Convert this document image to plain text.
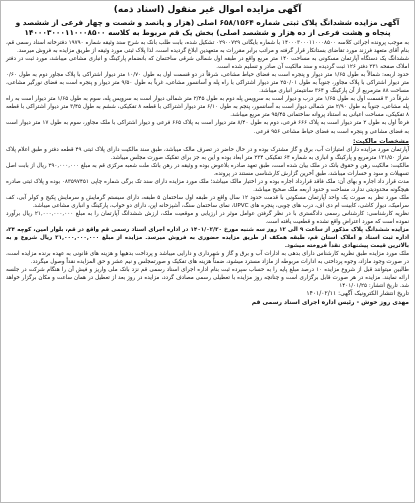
آگهی مزایده اموال غیر منقول (اسناد ذمه)
آگهی مزایده ششدانگ پلاک ثبتی شماره ۶۵۸/۱۵۶۴ اصلی (هزار و پانصد و شصت و چهار فرعی از ششصد و پنجاه و هشت فرعی از ده هزار و ششصد اصلی) بخش یک قم مربوط به کلاسه ۱۴۰۰۰۳۰۰۰۱۱۰۰۰۸۵۰۰

به موجب پرونده اجرائی کلاسه ۱۴۰۰۰۳۰۰۰۱۱۰۰۰۸۵۰۰ با شماره بایگانی ۰۲۹۰۰۷۲۹ تشکیل شده، بابت طلب بانک به شرح سند وثیقه شماره ۱۹۷۹۰ دفترخانه اسناد رسمی قم، بنام آقای متعهد فرزند مورد تقاضای بستانکار قرار گرفته و مراتب برابر مقررات به متعهدین ابلاغ گردیده است، لذا پلاک ثبتی مورد وثیقه از طریق مزایده به فروش میرسد.

ششدانگ یک دستگاه آپارتمان مسکونی به مساحت ۱۴۰ متر مربع واقع در طبقه اول شمالی شرقی ساختمان که بانضمام پارکینگ و انباری مشاعی میباشد، مورد ثبت در دفتر املاک صفحه ۲۳۱ دفتر ۱۲۶ ثبت گردیده و سند مالکیت آن صادر و تسلیم شده است.

حدود اربعه: شمالاً به طول ۱/۶۵ متر دیوار و پنجره است به فضای حیاط مشاعی، شرقاً در دو قسمت اول به طول ۱۰/۷۰ متر دیوار اشتراکی با پلاک مجاور دوم به طول ۰/۶۰ متر دیوار اشتراکی با پلاک مجاور، جنوباً به طول ۲۵۰/۰۱ متر دیوار اشتراکی با راه پله و آسانسور مشاعی، غرباً به طول ۹/۵۰ متر دیوار و پنجره است به فضای نورگیر مشاعی، مساحت ۸۸ مترمربع از آن پارکینگ و ۳۶۴ سانتیمتر انباری میباشد.

شرقاً در ۳ قسمت اول به طول ۱/۶۵ متر درب و دیوار است به سرویس پله دوم به طول ۲/۴۵ متر شمالی دیوار است به سرویس پله، سوم به طول ۱/۶۵ متر دیوار است به راه پله مشاعی، جنوباً به طول ۲/۹۰ متر شمالی دیوار است به آسانسور، پنجم به طول ۶/۱۰ متر دیوار اشتراکی با قطعه ۸ تفکیکی، ششم به طول ۳/۴۵ متر دیوار اشتراکی با قطعه ۸ تفکیکی، مساحت اعیانی به استناد پروانه ساختمانی ۹۵/۴۵ متر مربع میباشد.

فرعاً اول به طول ۲ متر دیوار است به پلاک ۶۶۶ فرعی، دوم به طول ۸/۴۰ متر دیوار است به پلاک ۶۶۵ فرعی و دیوار اشتراکی با ملک مجاور، سوم به طول ۱۷ متر دیوار است به فضای مشاعی و پنجره است به فضای حیاط مشاعی ۹۵۶ فرعی.

مشخصات مالکیت:

آپارتمان مورد مزایده دارای امتیازات آب، برق و گاز مشترک بوده و در حال حاضر در تصرف مالک میباشد، طبق سند مالکیت دارای پلاک ثبتی ۴۹ قطعه دفتر و طبق اعلام پلاک متراژ ۱۳۱/۵۰ مترمربع و پارکینگ و انباری به شماره ۶۴ تفکیکی ۲۳۴ متر ابعاد بوده و این به جز برای تفکیک صورت مجلس میباشد.

مالکیت: مالکیت رهن و حقوق بانک در ملک بیان شده است، طبق تعهد صادره بلاعوض بوده و وثیقه در رهن بانک ملت شعبه مرکزی قم به مبلغ ۲۹۰,۰۰۰,۰۰۰ ریال از بابت اصل تسهیلات و سود و خسارات میباشد، طبق آخرین گزارش کارشناسی مستند در پرونده.

مدت قرار داد اجاره و بهای آن: ملک فاقد قرارداد اجاره بوده و در اختیار مالک میباشد؛ ملک مورد مزایده دارای سند تک برگی شماره چاپی ۰۸۳۵۹۷۴۵۱ بوده و پلاک ثبتی صادره هیچگونه محدودیتی ندارد، مساحت و حدود اربعه ملک صحیح میباشد.

ملک مورد نظر به صورت یک واحد آپارتمان مسکونی با قدمت حدود ۱۲ سال واقع در طبقه اول ساختمان ۵ طبقه، دارای سیستم گرمایش و سرمایش پکیج و کولر آبی، کف سرامیک، دیوار کاشی، کابینت ام دی اف، درب های چوبی، پنجره های UPVC، نمای ساختمان سنگ، آشپزخانه اپن، دارای دو خواب، پارکینگ و انباری مشاعی میباشد.

نظریه کارشناسی: کارشناس رسمی دادگستری با در نظر گرفتن عوامل موثر در ارزیابی و موقعیت ملک، ارزش ششدانگ آپارتمان را به مبلغ ۲۱,۰۰۰,۰۰۰,۰۰۰ ریال برآورد نموده است که مورد اعتراض واقع نشده و قطعیت یافته است.

مزایده ششدانگ پلاک مذکور از ساعت ۹ الی ۱۲ روز سه شنبه مورخ ۱۴۰۱/۰۲/۲۰ در اداره اجرای اسناد رسمی قم واقع در قم، بلوار امین، کوچه ۲۴، اداره ثبت اسناد و املاک استان قم، طبقه همکف از طریق مزایده حضوری به فروش میرسد. مزایده از مبلغ ۲۱,۰۰۰,۰۰۰,۰۰۰ ریال شروع و به بالاترین قیمت پیشنهادی نقداً فروخته میشود.

ملک مورد مزایده طبق نظریه کارشناس دارای بدهی به ادارات آب و برق و گاز و شهرداری و دارایی میباشد و پرداخت بدهیها و هزینه های قانونی به عهده برنده مزایده است، در صورت وجود مازاد، وجوه پرداختی به ادارات مربوطه از مازاد مسترد میشود، ضمناً هزینه های تفکیک و صورتمجلس و نیم عشر و حق المزایده نقداً وصول میگردد.

طالبین میتوانند قبل از شروع مزایده ۱۰ درصد مبلغ پایه را به حساب سپرده ثبت بنام اداره اجرای اسناد رسمی قم نزد بانک ملی واریز و فیش آن را هنگام شرکت در جلسه ارائه نمایند. مزایده در هر صورت قابل برگزاری است و چنانچه روز مزایده با تعطیلی رسمی مصادف گردد، مزایده در روز بعد از تعطیل در همان ساعت و مکان برگزار خواهد شد. تاریخ انتشار: ۱۴۰۱/۰۱/۲۵

تاریخ انتشار الکترونیک آگهی: ۱۴۰۱/۰۲/۱۱

مهدی روز خوش - رئیس اداره اجرای اسناد رسمی قم
